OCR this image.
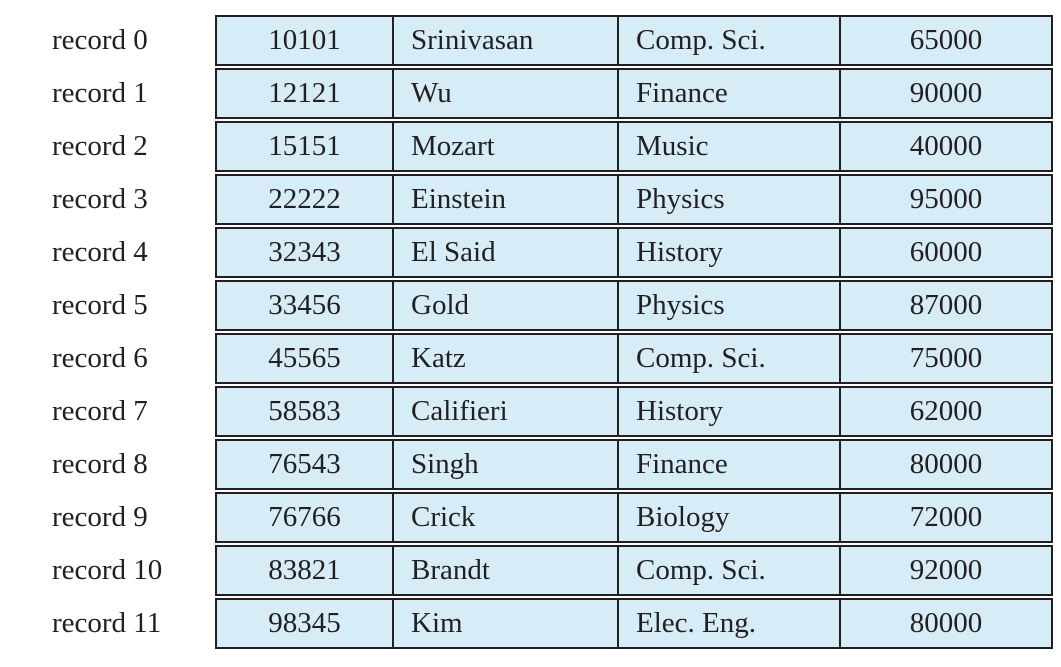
record 0	10101	Srinivasan	Comp. Sci.	65000
record 1	12121	Wu	Finance	90000
record 2	15151	Mozart	Music	40000
record 3	22222	Einstein	Physics	95000
record 4	32343	El Said	History	60000
record 5	33456	Gold	Physics	87000
record 6	45565	Katz	Comp. Sci.	75000
record 7	58583	Califieri	History	62000
record 8	76543	Singh	Finance	80000
record 9	76766	Crick	Biology	72000
record 10	83821	Brandt	Comp. Sci.	92000
record 11	98345	Kim	Elec. Eng.	80000
